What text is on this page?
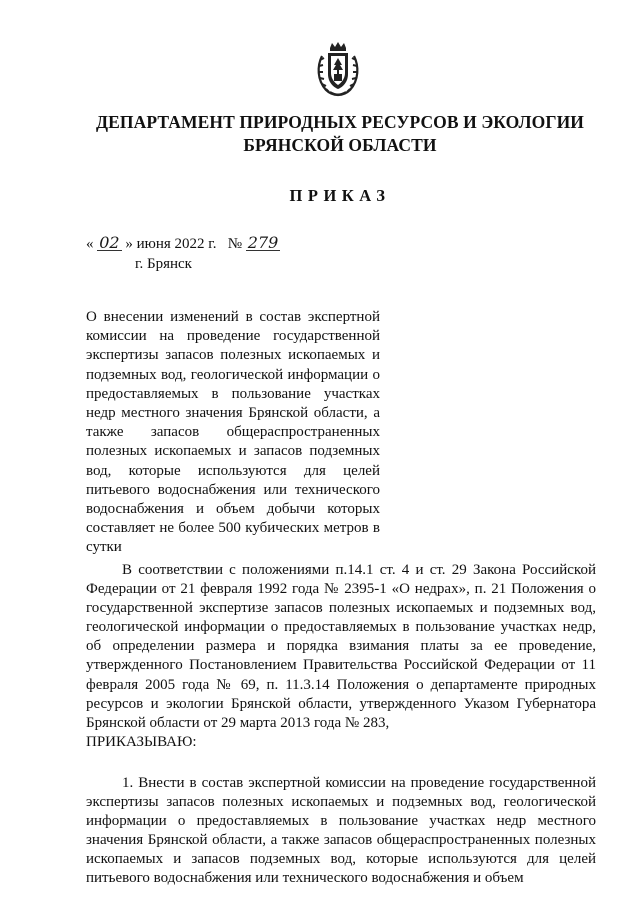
ДЕПАРТАМЕНТ ПРИРОДНЫХ РЕСУРСОВ И ЭКОЛОГИИ
БРЯНСКОЙ ОБЛАСТИ
ПРИКАЗ
« 02 » июня 2022 г. № 279
г. Брянск
О внесении изменений в состав экспертной комиссии на проведение государственной экспертизы запасов полезных ископаемых и подземных вод, геологической информации о предоставляемых в пользование участках недр местного значения Брянской области, а также запасов общераспространенных полезных ископаемых и запасов подземных вод, которые используются для целей питьевого водоснабжения или технического водоснабжения и объем добычи которых составляет не более 500 кубических метров в сутки

В соответствии с положениями п.14.1 ст. 4 и ст. 29 Закона Российской Федерации от 21 февраля 1992 года № 2395-1 «О недрах», п. 21 Положения о государственной экспертизе запасов полезных ископаемых и подземных вод, геологической информации о предоставляемых в пользование участках недр, об определении размера и порядка взимания платы за ее проведение, утвержденного Постановлением Правительства Российской Федерации от 11 февраля 2005 года № 69, п. 11.3.14 Положения о департаменте природных ресурсов и экологии Брянской области, утвержденного Указом Губернатора Брянской области от 29 марта 2013 года № 283,

ПРИКАЗЫВАЮ:

1. Внести в состав экспертной комиссии на проведение государственной экспертизы запасов полезных ископаемых и подземных вод, геологической информации о предоставляемых в пользование участках недр местного значения Брянской области, а также запасов общераспространенных полезных ископаемых и запасов подземных вод, которые используются для целей питьевого водоснабжения или технического водоснабжения и объем
